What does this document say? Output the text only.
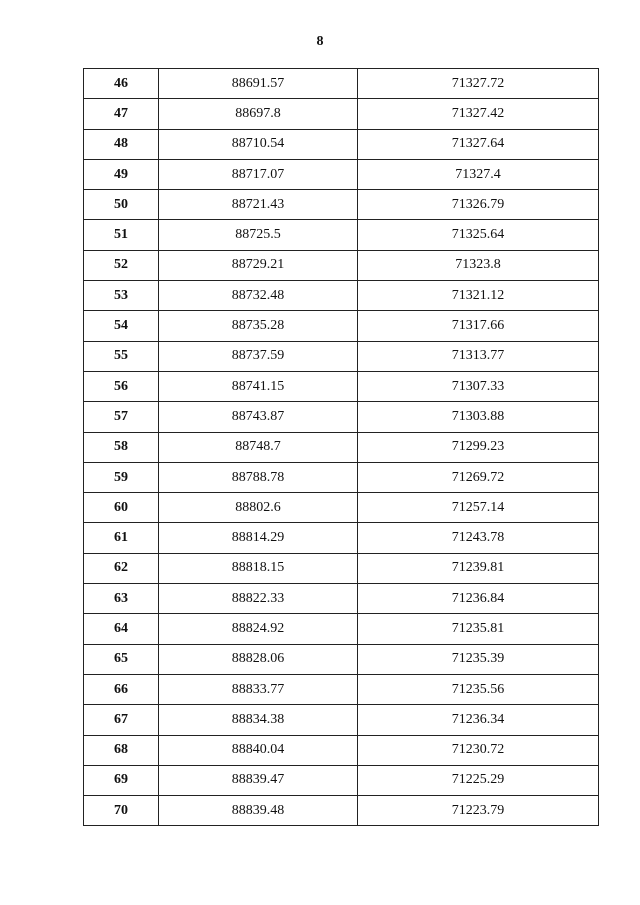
8
46	88691.57	71327.72
47	88697.8	71327.42
48	88710.54	71327.64
49	88717.07	71327.4
50	88721.43	71326.79
51	88725.5	71325.64
52	88729.21	71323.8
53	88732.48	71321.12
54	88735.28	71317.66
55	88737.59	71313.77
56	88741.15	71307.33
57	88743.87	71303.88
58	88748.7	71299.23
59	88788.78	71269.72
60	88802.6	71257.14
61	88814.29	71243.78
62	88818.15	71239.81
63	88822.33	71236.84
64	88824.92	71235.81
65	88828.06	71235.39
66	88833.77	71235.56
67	88834.38	71236.34
68	88840.04	71230.72
69	88839.47	71225.29
70	88839.48	71223.79
